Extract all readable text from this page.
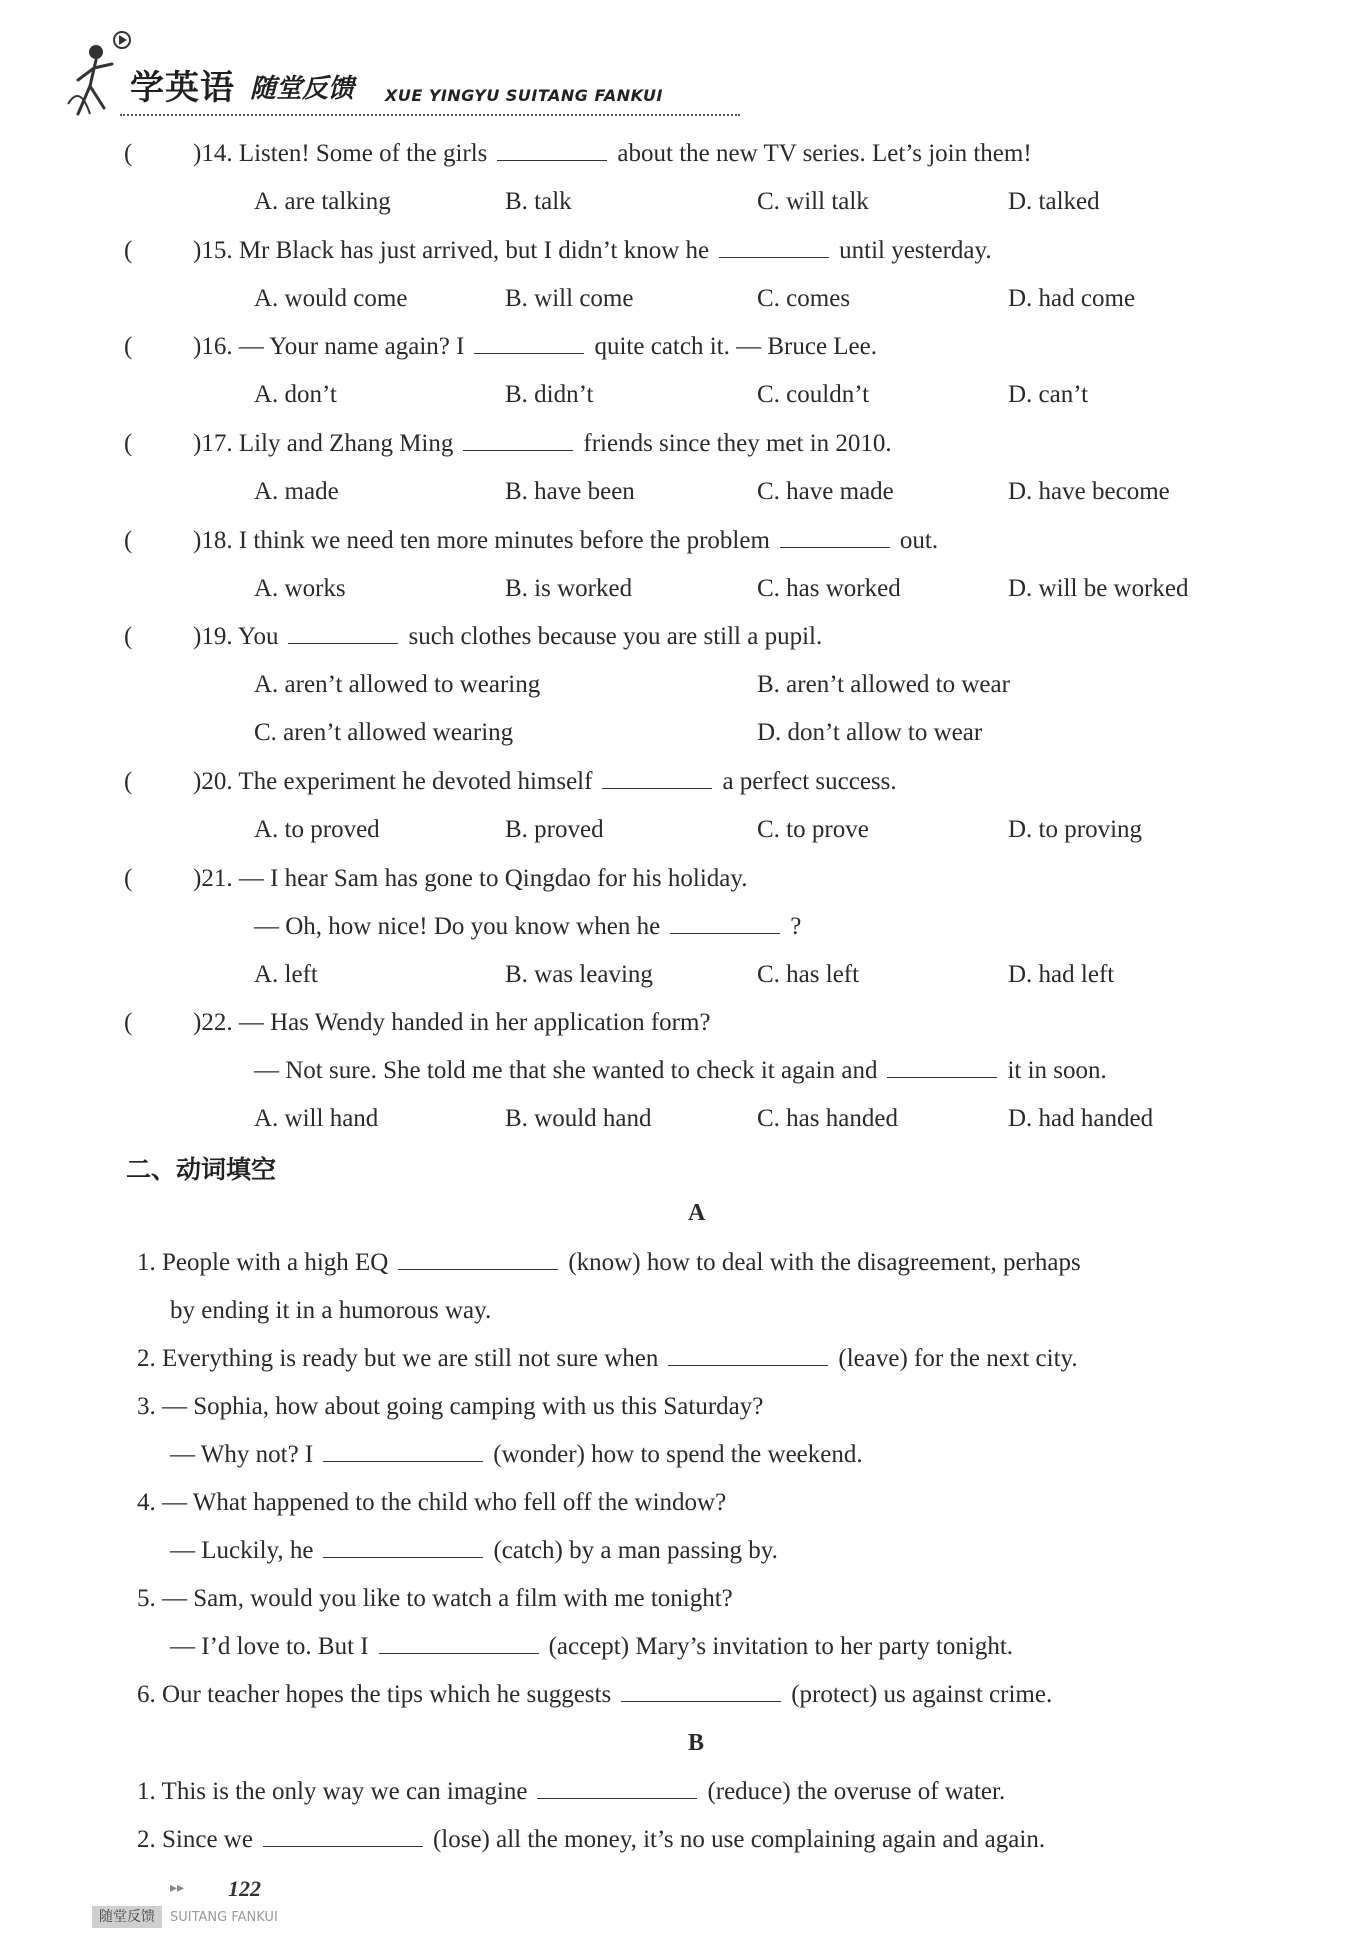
学英语 随堂反馈 XUE YINGYU SUITANG FANKUI
( )14. Listen! Some of the girls	about the new TV series. Let’s join them!
A. are talking	B. talk	C. will talk	D. talked
( )15. Mr Black has just arrived, but I didn’t know he	until yesterday.
A. would come	B. will come	C. comes	D. had come
( )16. — Your name again? I	quite catch it. — Bruce Lee.
A. don’t	B. didn’t	C. couldn’t	D. can’t
( )17. Lily and Zhang Ming	friends since they met in 2010.
A. made	B. have been	C. have made	D. have become
( )18. I think we need ten more minutes before the problem	out.
A. works	B. is worked	C. has worked	D. will be worked
( )19. You	such clothes because you are still a pupil.
A. aren’t allowed to wearing	B. aren’t allowed to wear
C. aren’t allowed wearing	D. don’t allow to wear
( )20. The experiment he devoted himself	a perfect success.
A. to proved	B. proved	C. to prove	D. to proving
( )21. — I hear Sam has gone to Qingdao for his holiday.
— Oh, how nice! Do you know when he	?
A. left	B. was leaving	C. has left	D. had left
( )22. — Has Wendy handed in her application form?
— Not sure. She told me that she wanted to check it again and	it in soon.
A. will hand	B. would hand	C. has handed	D. had handed
二、动词填空
A
1. People with a high EQ	(know) how to deal with the disagreement, perhaps
by ending it in a humorous way.
2. Everything is ready but we are still not sure when	(leave) for the next city.
3. — Sophia, how about going camping with us this Saturday?
— Why not? I	(wonder) how to spend the weekend.
4. — What happened to the child who fell off the window?
— Luckily, he	(catch) by a man passing by.
5. — Sam, would you like to watch a film with me tonight?
— I’d love to. But I	(accept) Mary’s invitation to her party tonight.
6. Our teacher hopes the tips which he suggests	(protect) us against crime.
B
1. This is the only way we can imagine	(reduce) the overuse of water.
2. Since we	(lose) all the money, it’s no use complaining again and again.
▸▸ 122
随堂反馈	SUITANG FANKUI
